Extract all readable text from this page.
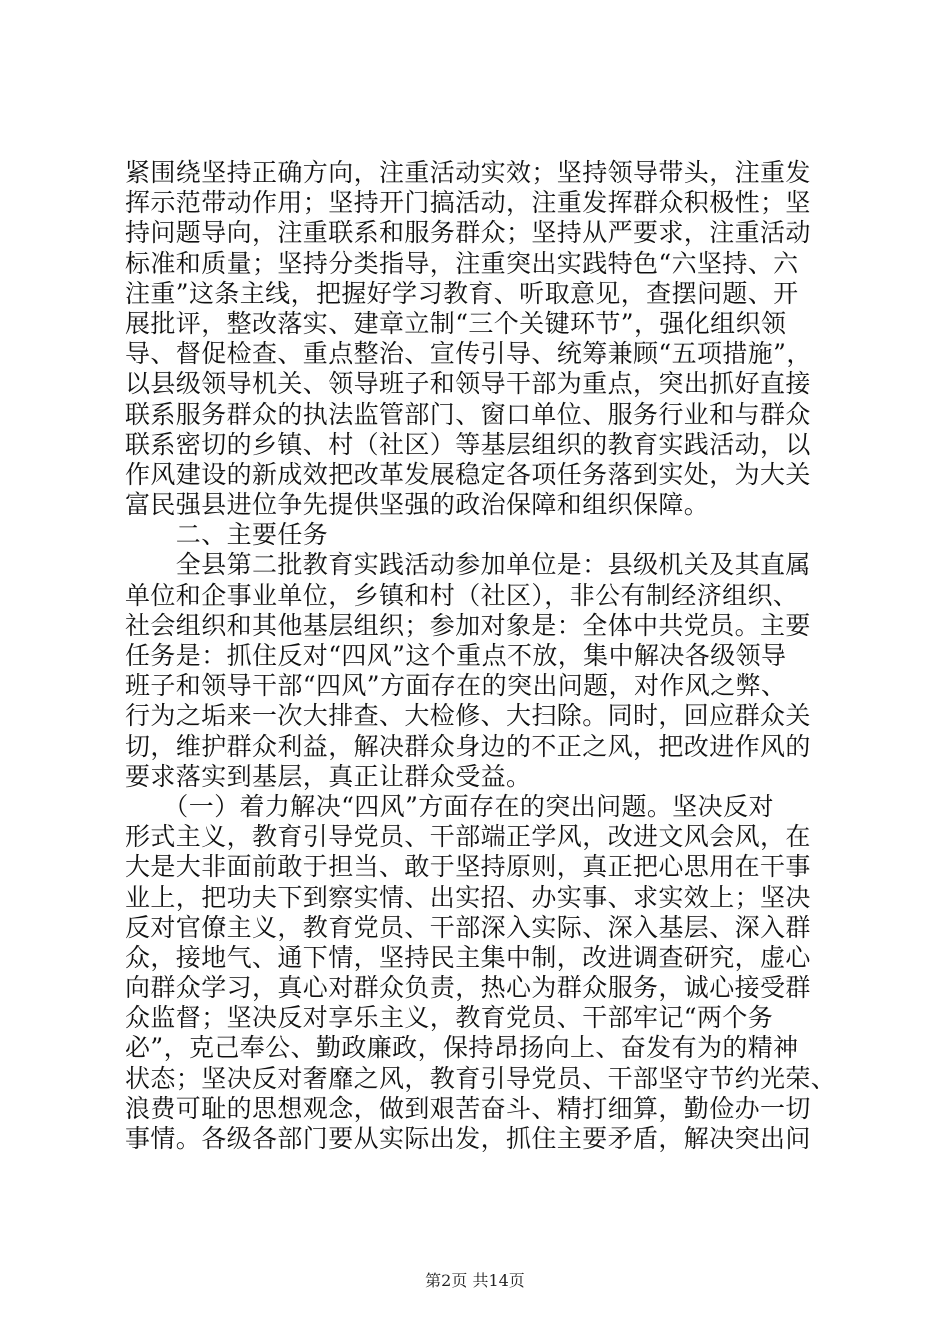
紧围绕坚持正确方向，注重活动实效；坚持领导带头，注重发
挥示范带动作用；坚持开门搞活动，注重发挥群众积极性；坚
持问题导向，注重联系和服务群众；坚持从严要求，注重活动
标准和质量；坚持分类指导，注重突出实践特色“六坚持、六
注重”这条主线，把握好学习教育、听取意见，查摆问题、开
展批评，整改落实、建章立制“三个关键环节”，强化组织领
导、督促检查、重点整治、宣传引导、统筹兼顾“五项措施”，
以县级领导机关、领导班子和领导干部为重点，突出抓好直接
联系服务群众的执法监管部门、窗口单位、服务行业和与群众
联系密切的乡镇、村（社区）等基层组织的教育实践活动，以
作风建设的新成效把改革发展稳定各项任务落到实处，为大关
富民强县进位争先提供坚强的政治保障和组织保障。
　　二、主要任务
　　全县第二批教育实践活动参加单位是：县级机关及其直属
单位和企事业单位，乡镇和村（社区），非公有制经济组织、
社会组织和其他基层组织；参加对象是：全体中共党员。主要
任务是：抓住反对“四风”这个重点不放，集中解决各级领导
班子和领导干部“四风”方面存在的突出问题，对作风之弊、
行为之垢来一次大排查、大检修、大扫除。同时，回应群众关
切，维护群众利益，解决群众身边的不正之风，把改进作风的
要求落实到基层，真正让群众受益。
　　（一）着力解决“四风”方面存在的突出问题。坚决反对
形式主义，教育引导党员、干部端正学风，改进文风会风，在
大是大非面前敢于担当、敢于坚持原则，真正把心思用在干事
业上，把功夫下到察实情、出实招、办实事、求实效上；坚决
反对官僚主义，教育党员、干部深入实际、深入基层、深入群
众，接地气、通下情，坚持民主集中制，改进调查研究，虚心
向群众学习，真心对群众负责，热心为群众服务，诚心接受群
众监督；坚决反对享乐主义，教育党员、干部牢记“两个务
必”，克己奉公、勤政廉政，保持昂扬向上、奋发有为的精神
状态；坚决反对奢靡之风，教育引导党员、干部坚守节约光荣、
浪费可耻的思想观念，做到艰苦奋斗、精打细算，勤俭办一切
事情。各级各部门要从实际出发，抓住主要矛盾，解决突出问
第2页 共14页
